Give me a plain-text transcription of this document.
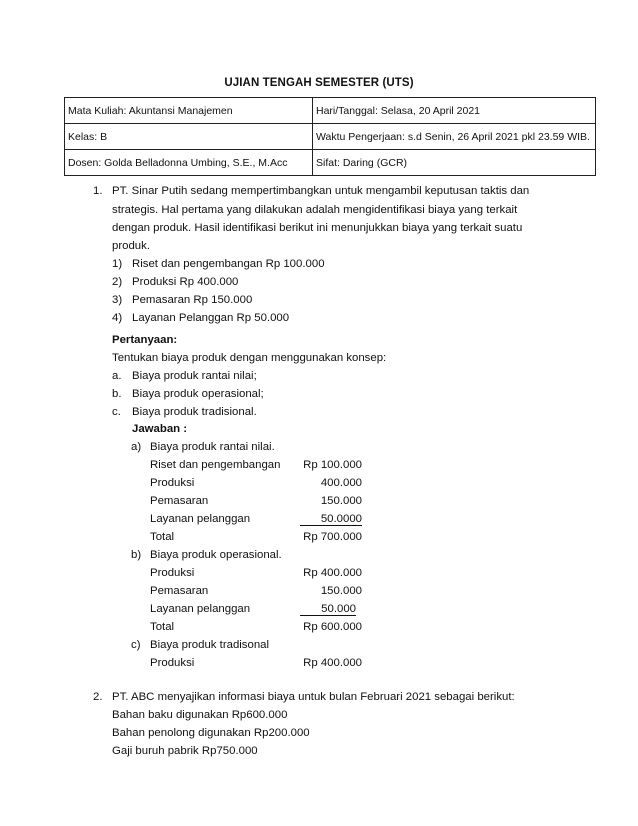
UJIAN TENGAH SEMESTER (UTS)
Mata Kuliah: Akuntansi Manajemen	Hari/Tanggal: Selasa, 20 April 2021
Kelas: B	Waktu Pengerjaan: s.d Senin, 26 April 2021 pkl 23.59 WIB.
Dosen: Golda Belladonna Umbing, S.E., M.Acc	Sifat: Daring (GCR)
1. PT. Sinar Putih sedang mempertimbangkan untuk mengambil keputusan taktis dan
strategis. Hal pertama yang dilakukan adalah mengidentifikasi biaya yang terkait
dengan produk. Hasil identifikasi berikut ini menunjukkan biaya yang terkait suatu
produk.
1) Riset dan pengembangan Rp 100.000
2) Produksi Rp 400.000
3) Pemasaran Rp 150.000
4) Layanan Pelanggan Rp 50.000
Pertanyaan:
Tentukan biaya produk dengan menggunakan konsep:
a. Biaya produk rantai nilai;
b. Biaya produk operasional;
c. Biaya produk tradisional.
Jawaban :
a) Biaya produk rantai nilai.
Riset dan pengembangan	Rp 100.000
Produksi	400.000
Pemasaran	150.000
Layanan pelanggan	50.0000
Total	Rp 700.000
b) Biaya produk operasional.
Produksi	Rp 400.000
Pemasaran	150.000
Layanan pelanggan	50.000
Total	Rp 600.000
c) Biaya produk tradisonal
Produksi	Rp 400.000
2. PT. ABC menyajikan informasi biaya untuk bulan Februari 2021 sebagai berikut:
Bahan baku digunakan Rp600.000
Bahan penolong digunakan Rp200.000
Gaji buruh pabrik Rp750.000
